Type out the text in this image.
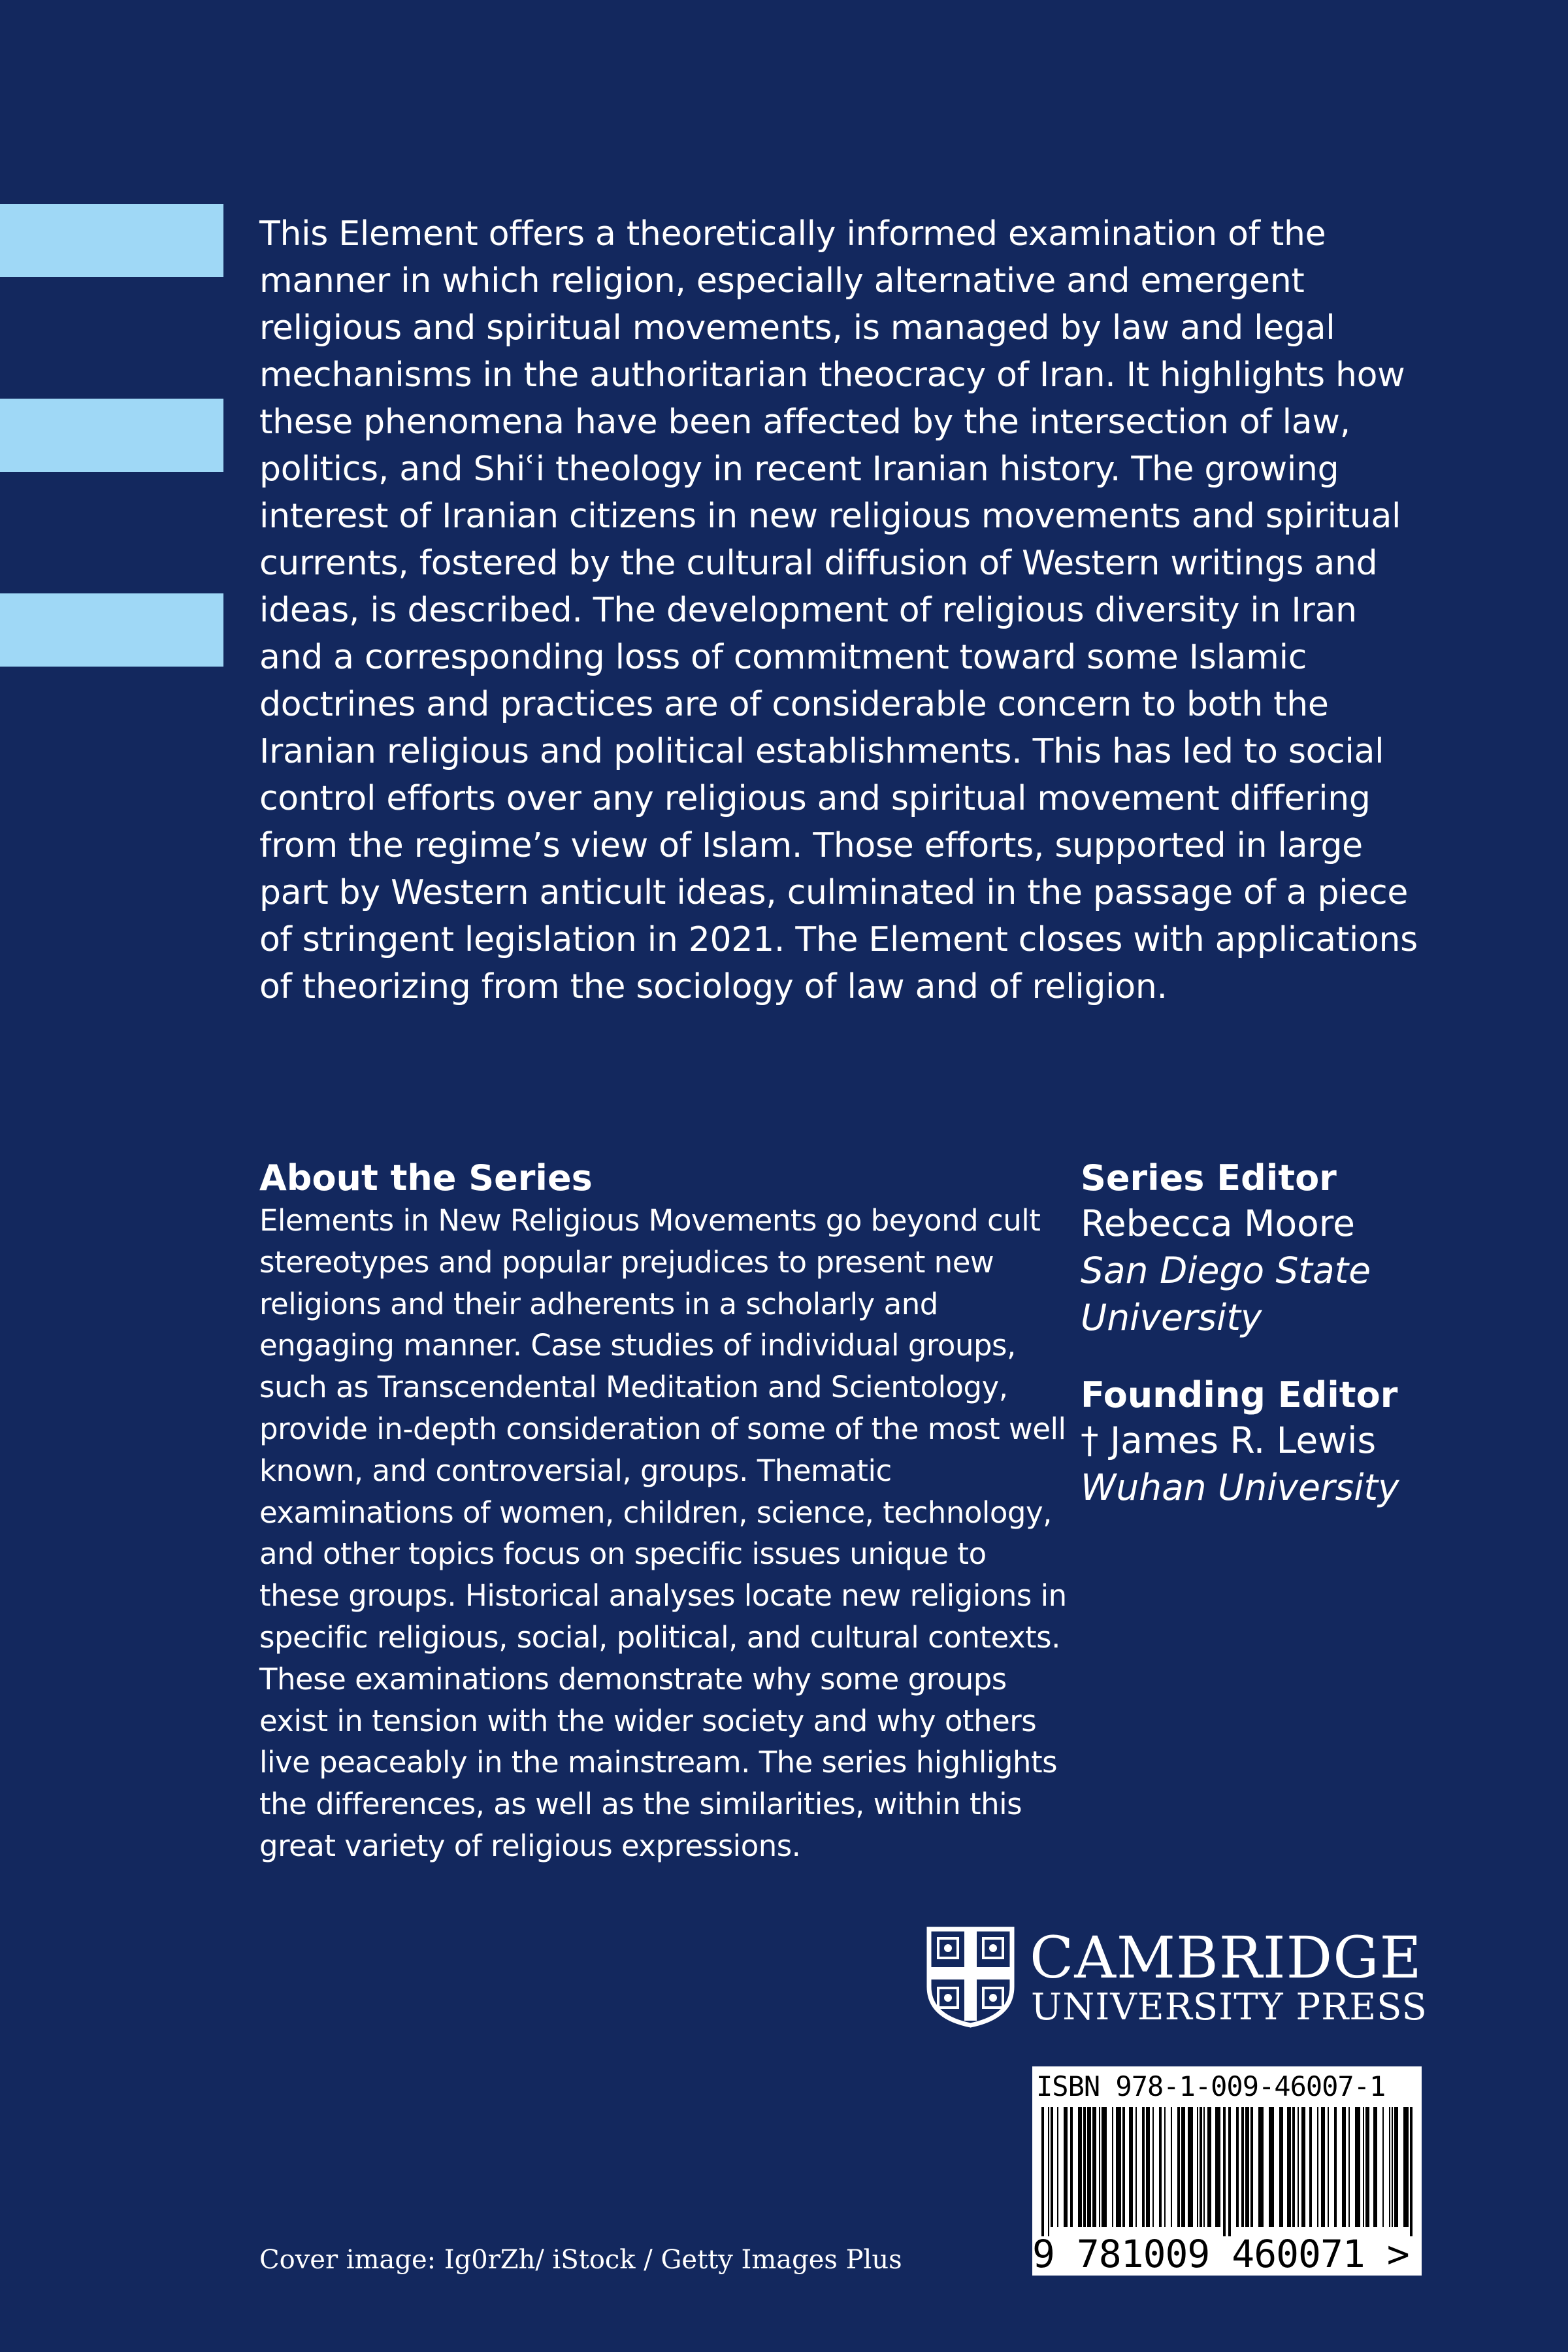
This Element offers a theoretically informed examination of the manner in which religion, especially alternative and emergent religious and spiritual movements, is managed by law and legal mechanisms in the authoritarian theocracy of Iran. It highlights how these phenomena have been affected by the intersection of law, politics, and Shiʿi theology in recent Iranian history. The growing interest of Iranian citizens in new religious movements and spiritual currents, fostered by the cultural diffusion of Western writings and ideas, is described. The development of religious diversity in Iran and a corresponding loss of commitment toward some Islamic doctrines and practices are of considerable concern to both the Iranian religious and political establishments. This has led to social control efforts over any religious and spiritual movement differing from the regime’s view of Islam. Those efforts, supported in large part by Western anticult ideas, culminated in the passage of a piece of stringent legislation in 2021. The Element closes with applications of theorizing from the sociology of law and of religion.

About the Series

Elements in New Religious Movements go beyond cult stereotypes and popular prejudices to present new religions and their adherents in a scholarly and engaging manner. Case studies of individual groups, such as Transcendental Meditation and Scientology, provide in-depth consideration of some of the most well known, and controversial, groups. Thematic examinations of women, children, science, technology, and other topics focus on specific issues unique to these groups. Historical analyses locate new religions in specific religious, social, political, and cultural contexts. These examinations demonstrate why some groups exist in tension with the wider society and why others live peaceably in the mainstream. The series highlights the differences, as well as the similarities, within this great variety of religious expressions.

Series Editor
Rebecca Moore
San Diego State
University
Founding Editor
† James R. Lewis
Wuhan University
CAMBRIDGE
UNIVERSITY PRESS
ISBN 978-1-009-46007-1
9 781009 460071 >
Cover image: Ig0rZh/ iStock / Getty Images Plus
